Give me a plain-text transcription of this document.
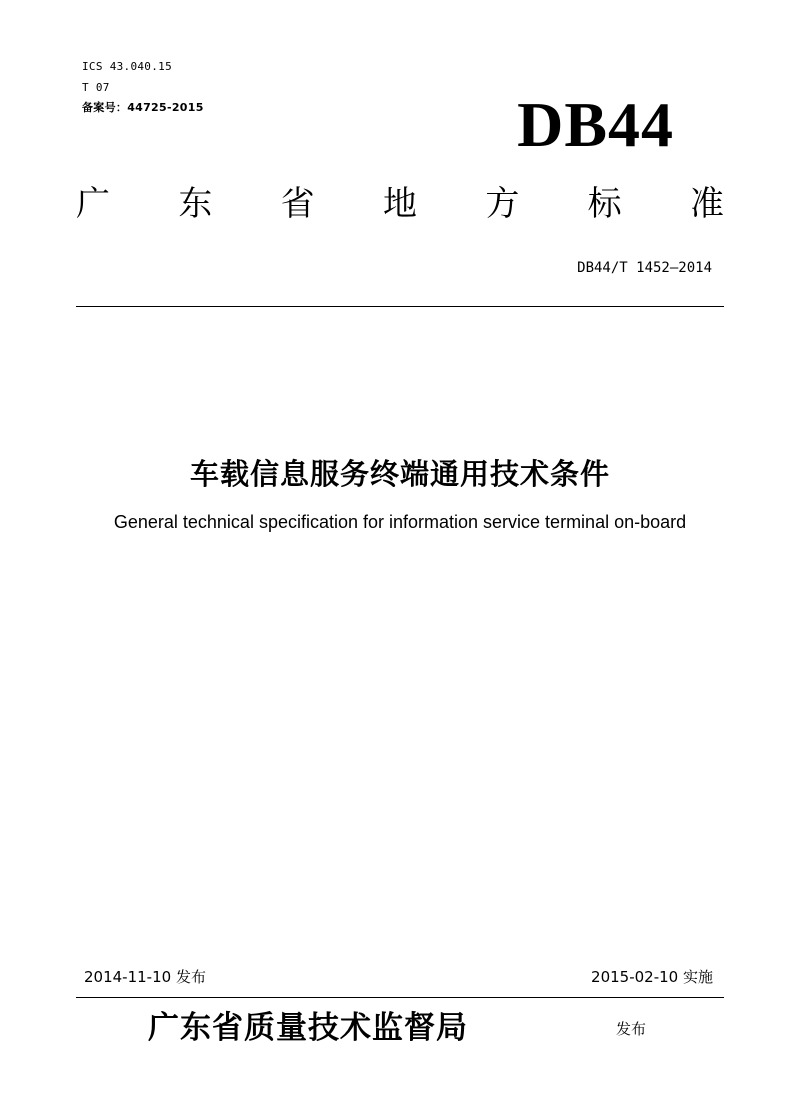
ICS 43.040.15
T 07
备案号：44725-2015	DB44
广 东 省 地 方 标 准
DB44/T 1452—2014
车载信息服务终端通用技术条件
General technical specification for information service terminal on-board
2014-11-10 发布	2015-02-10 实施
广东省质量技术监督局	发布
